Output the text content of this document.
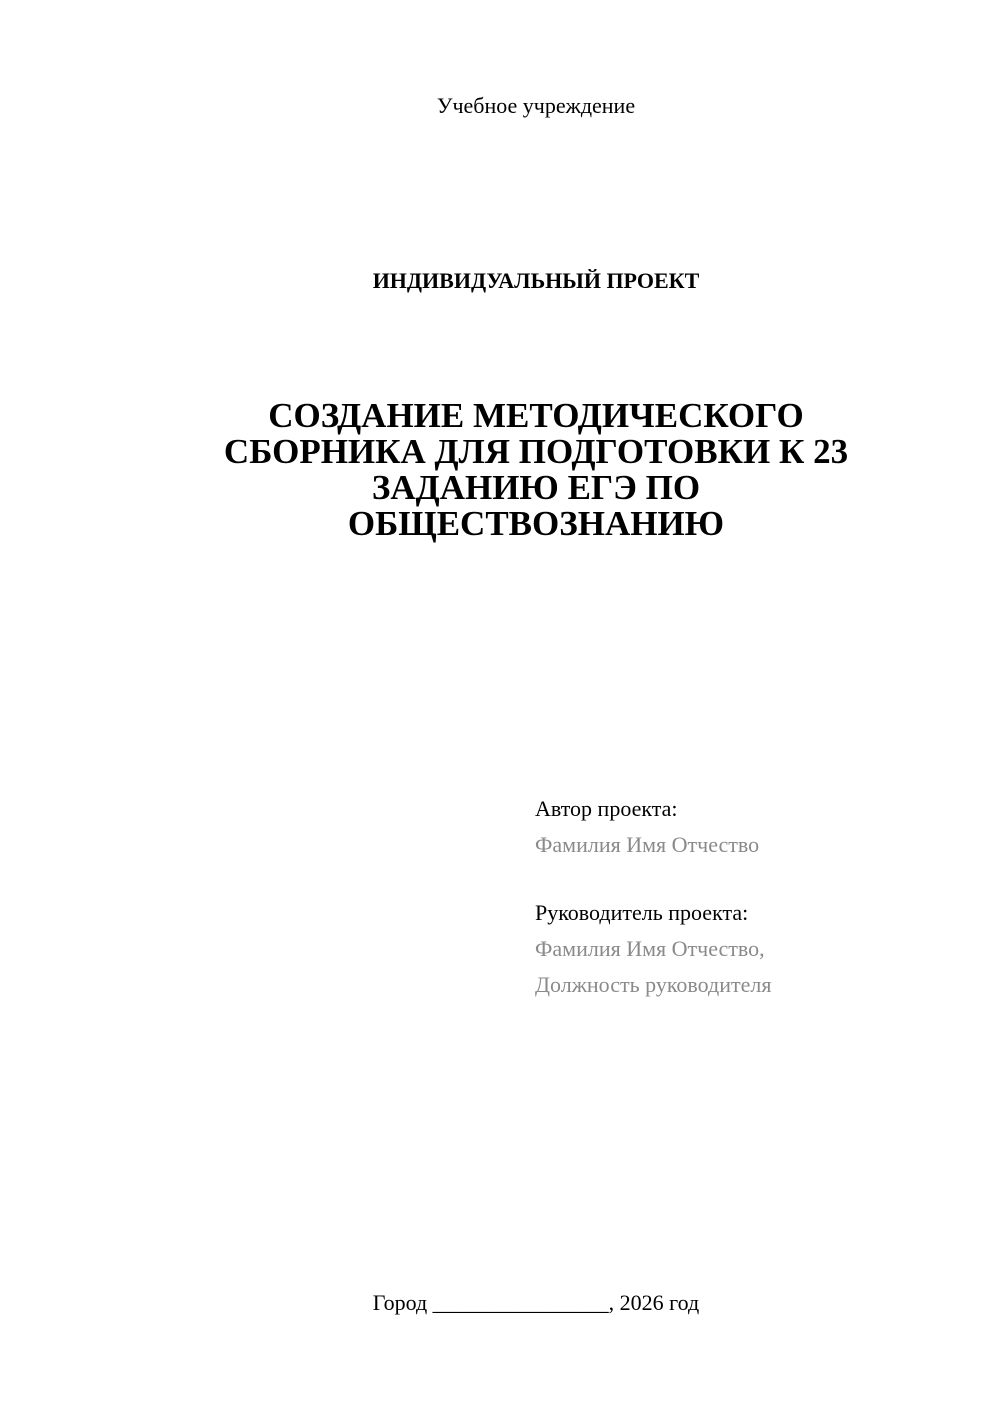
Учебное учреждение
ИНДИВИДУАЛЬНЫЙ ПРОЕКТ
СОЗДАНИЕ МЕТОДИЧЕСКОГО
СБОРНИКА ДЛЯ ПОДГОТОВКИ К 23
ЗАДАНИЮ ЕГЭ ПО
ОБЩЕСТВОЗНАНИЮ
Автор проекта:
Фамилия Имя Отчество
Руководитель проекта:
Фамилия Имя Отчество,
Должность руководителя
Город ________________, 2026 год
